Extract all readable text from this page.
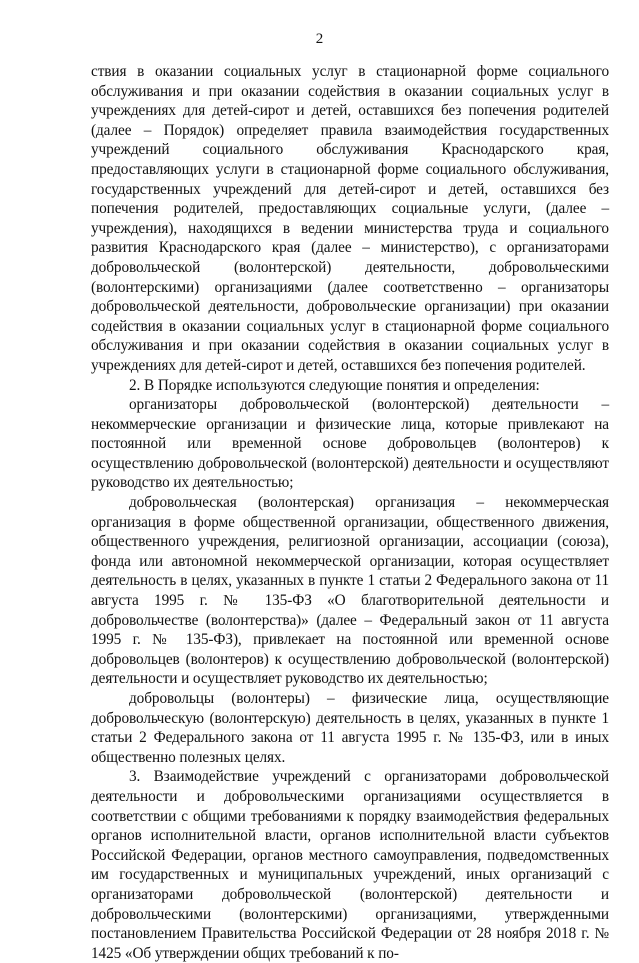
2

ствия в оказании социальных услуг в стационарной форме социального обслуживания и при оказании содействия в оказании социальных услуг в учреждениях для детей-сирот и детей, оставшихся без попечения родителей (далее – Порядок) определяет правила взаимодействия государственных учреждений социального обслуживания Краснодарского края, предоставляющих услуги в стационарной форме социального обслуживания, государственных учреждений для детей-сирот и детей, оставшихся без попечения родителей, предоставляющих социальные услуги, (далее – учреждения), находящихся в ведении министерства труда и социального развития Краснодарского края (далее – министерство), с организаторами добровольческой (волонтерской) деятельности, добровольческими (волонтерскими) организациями (далее соответственно – организаторы добровольческой деятельности, добровольческие организации) при оказании содействия в оказании социальных услуг в стационарной форме социального обслуживания и при оказании содействия в оказании социальных услуг в учреждениях для детей-сирот и детей, оставшихся без попечения родителей.

2. В Порядке используются следующие понятия и определения:

организаторы добровольческой (волонтерской) деятельности – некоммерческие организации и физические лица, которые привлекают на постоянной или временной основе добровольцев (волонтеров) к осуществлению добровольческой (волонтерской) деятельности и осуществляют руководство их деятельностью;

добровольческая (волонтерская) организация – некоммерческая организация в форме общественной организации, общественного движения, общественного учреждения, религиозной организации, ассоциации (союза), фонда или автономной некоммерческой организации, которая осуществляет деятельность в целях, указанных в пункте 1 статьи 2 Федерального закона от 11 августа 1995 г. № 135-ФЗ «О благотворительной деятельности и добровольчестве (волонтерства)» (далее – Федеральный закон от 11 августа 1995 г. № 135-ФЗ), привлекает на постоянной или временной основе добровольцев (волонтеров) к осуществлению добровольческой (волонтерской) деятельности и осуществляет руководство их деятельностью;

добровольцы (волонтеры) – физические лица, осуществляющие добровольческую (волонтерскую) деятельность в целях, указанных в пункте 1 статьи 2 Федерального закона от 11 августа 1995 г. № 135-ФЗ, или в иных общественно полезных целях.

3. Взаимодействие учреждений с организаторами добровольческой деятельности и добровольческими организациями осуществляется в соответствии с общими требованиями к порядку взаимодействия федеральных органов исполнительной власти, органов исполнительной власти субъектов Российской Федерации, органов местного самоуправления, подведомственных им государственных и муниципальных учреждений, иных организаций с организаторами добровольческой (волонтерской) деятельности и добровольческими (волонтерскими) организациями, утвержденными постановлением Правительства Российской Федерации от 28 ноября 2018 г. № 1425 «Об утверждении общих требований к по-
